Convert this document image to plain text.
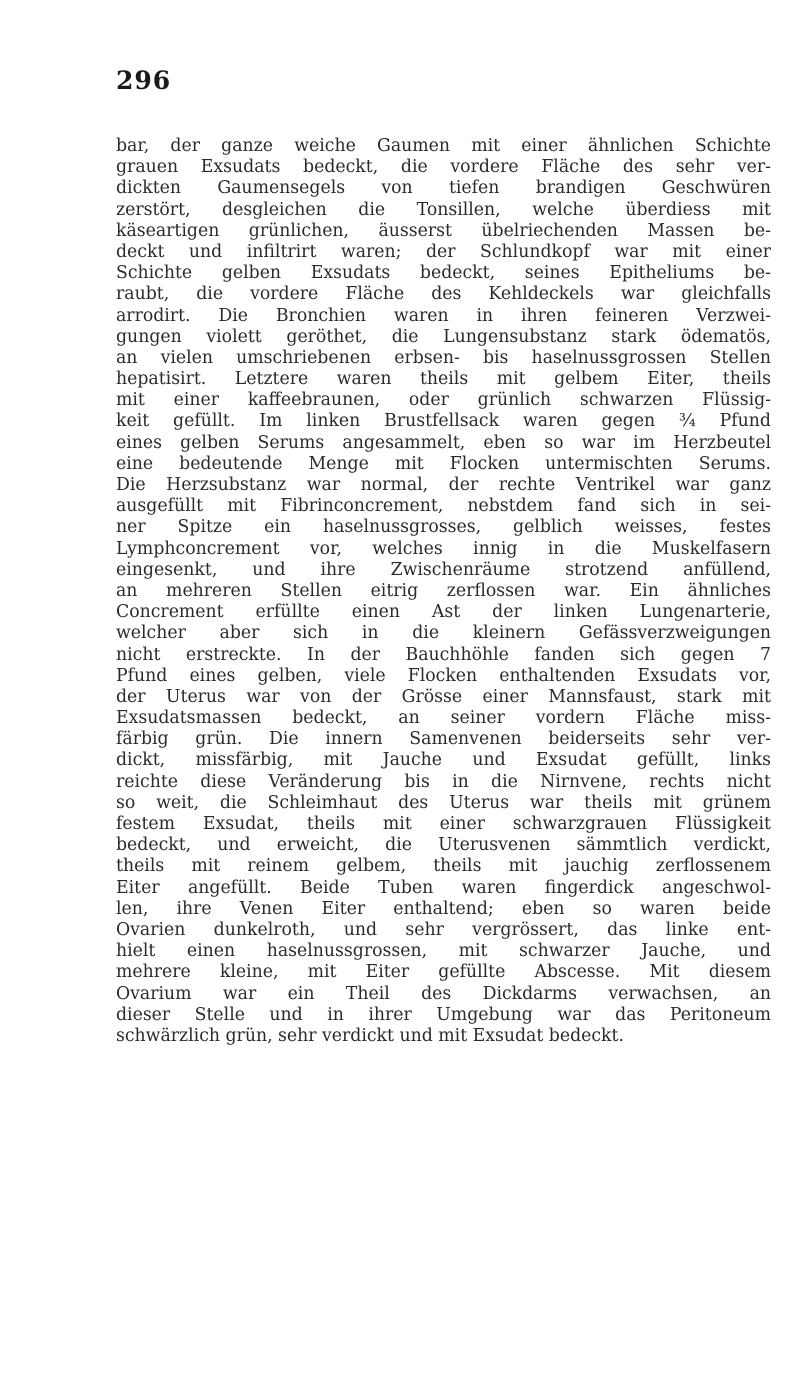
296
bar, der ganze weiche Gaumen mit einer ähnlichen Schichte
grauen Exsudats bedeckt, die vordere Fläche des sehr ver-
dickten Gaumensegels von tiefen brandigen Geschwüren
zerstört, desgleichen die Tonsillen, welche überdiess mit
käseartigen grünlichen, äusserst übelriechenden Massen be-
deckt und infiltrirt waren; der Schlundkopf war mit einer
Schichte gelben Exsudats bedeckt, seines Epitheliums be-
raubt, die vordere Fläche des Kehldeckels war gleichfalls
arrodirt. Die Bronchien waren in ihren feineren Verzwei-
gungen violett geröthet, die Lungensubstanz stark ödematös,
an vielen umschriebenen erbsen- bis haselnussgrossen Stellen
hepatisirt. Letztere waren theils mit gelbem Eiter, theils
mit einer kaffeebraunen, oder grünlich schwarzen Flüssig-
keit gefüllt. Im linken Brustfellsack waren gegen ¾ Pfund
eines gelben Serums angesammelt, eben so war im Herzbeutel
eine bedeutende Menge mit Flocken untermischten Serums.
Die Herzsubstanz war normal, der rechte Ventrikel war ganz
ausgefüllt mit Fibrinconcrement, nebstdem fand sich in sei-
ner Spitze ein haselnussgrosses, gelblich weisses, festes
Lymphconcrement vor, welches innig in die Muskelfasern
eingesenkt, und ihre Zwischenräume strotzend anfüllend,
an mehreren Stellen eitrig zerflossen war. Ein ähnliches
Concrement erfüllte einen Ast der linken Lungenarterie,
welcher aber sich in die kleinern Gefässverzweigungen
nicht erstreckte. In der Bauchhöhle fanden sich gegen 7
Pfund eines gelben, viele Flocken enthaltenden Exsudats vor,
der Uterus war von der Grösse einer Mannsfaust, stark mit
Exsudatsmassen bedeckt, an seiner vordern Fläche miss-
färbig grün. Die innern Samenvenen beiderseits sehr ver-
dickt, missfärbig, mit Jauche und Exsudat gefüllt, links
reichte diese Veränderung bis in die Nirnvene, rechts nicht
so weit, die Schleimhaut des Uterus war theils mit grünem
festem Exsudat, theils mit einer schwarzgrauen Flüssigkeit
bedeckt, und erweicht, die Uterusvenen sämmtlich verdickt,
theils mit reinem gelbem, theils mit jauchig zerflossenem
Eiter angefüllt. Beide Tuben waren fingerdick angeschwol-
len, ihre Venen Eiter enthaltend; eben so waren beide
Ovarien dunkelroth, und sehr vergrössert, das linke ent-
hielt einen haselnussgrossen, mit schwarzer Jauche, und
mehrere kleine, mit Eiter gefüllte Abscesse. Mit diesem
Ovarium war ein Theil des Dickdarms verwachsen, an
dieser Stelle und in ihrer Umgebung war das Peritoneum
schwärzlich grün, sehr verdickt und mit Exsudat bedeckt.
